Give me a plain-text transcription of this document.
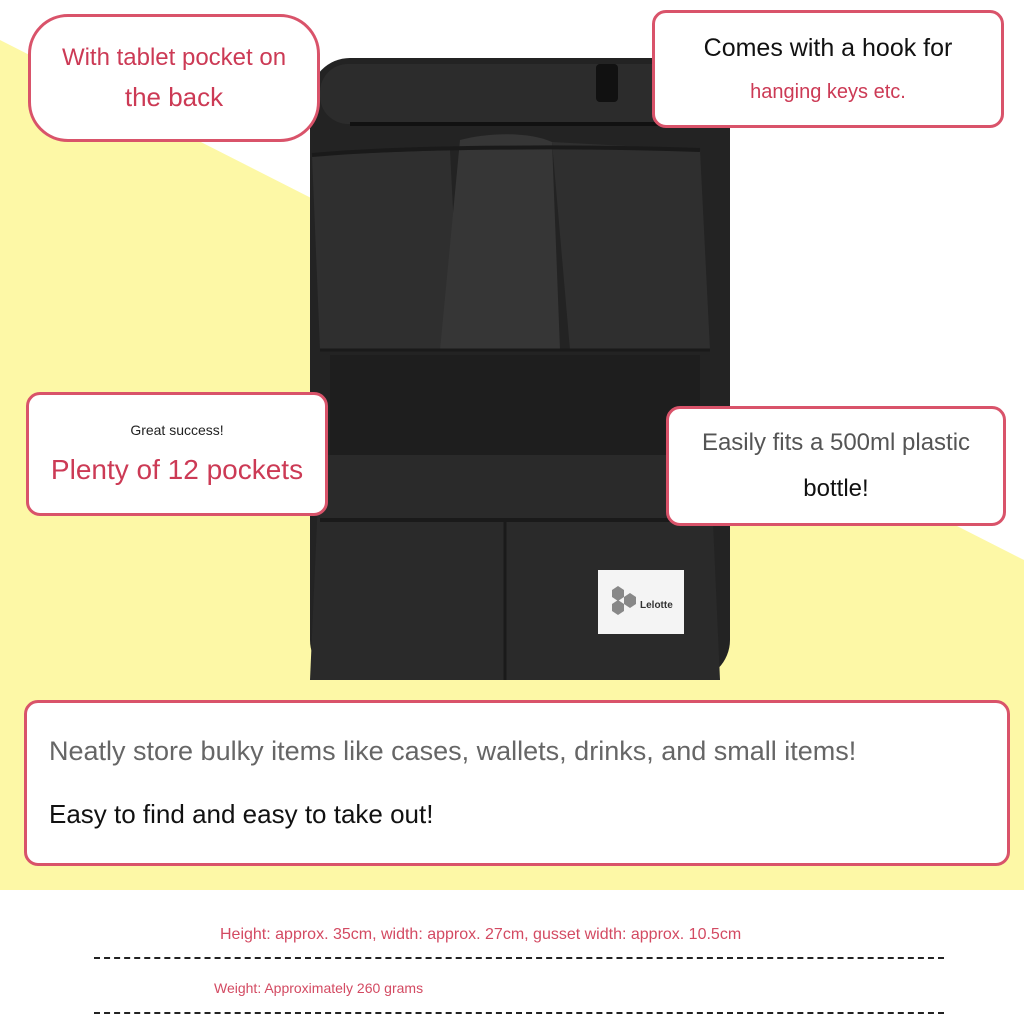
Lelotte
With tablet pocket on
the back
Comes with a hook for
hanging keys etc.
Great success!
Plenty of 12 pockets
Easily fits a 500ml plastic
bottle!
Neatly store bulky items like cases, wallets, drinks, and small items!
Easy to find and easy to take out!
Height: approx. 35cm, width: approx. 27cm, gusset width: approx. 10.5cm
Weight: Approximately 260 grams
